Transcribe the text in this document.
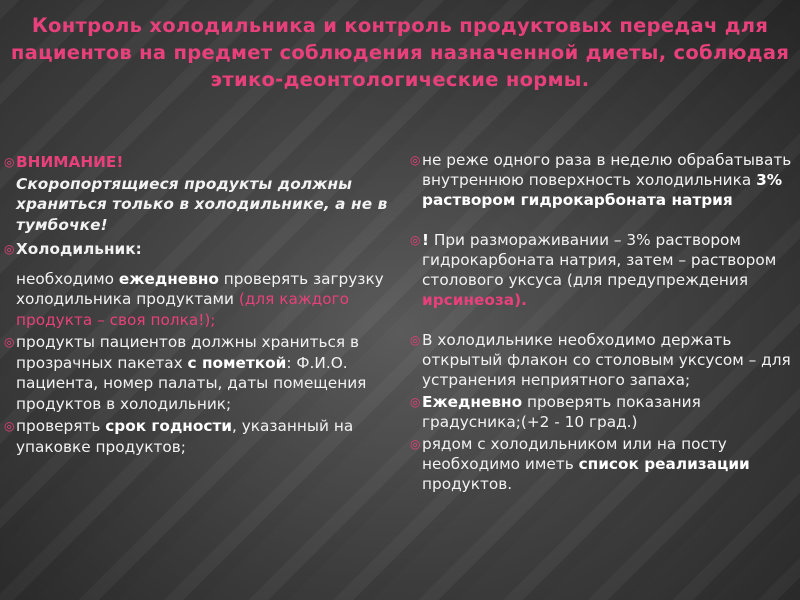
Контроль холодильника и контроль продуктовых передач для пациентов на предмет соблюдения назначенной диеты, соблюдая этико-деонтологические нормы.
◎ ВНИМАНИЕ!
Скоропортящиеся продукты должны храниться только в холодильнике, а не в тумбочке!
◎ Холодильник:
необходимо ежедневно проверять загрузку холодильника продуктами (для каждого продукта – своя полка!);
◎ продукты пациентов должны храниться в прозрачных пакетах с пометкой: Ф.И.О. пациента, номер палаты, даты помещения продуктов в холодильник;
◎ проверять срок годности, указанный на упаковке продуктов;
◎ не реже одного раза в неделю обрабатывать внутреннюю поверхность холодильника 3% раствором гидрокарбоната натрия
◎ ! При размораживании – 3% раствором гидрокарбоната натрия, затем – раствором столового уксуса (для предупреждения ирсинеоза).
◎ В холодильнике необходимо держать открытый флакон со столовым уксусом – для устранения неприятного запаха;
◎ Ежедневно проверять показания градусника;(+2 - 10 град.)
◎ рядом с холодильником или на посту необходимо иметь список реализации продуктов.
